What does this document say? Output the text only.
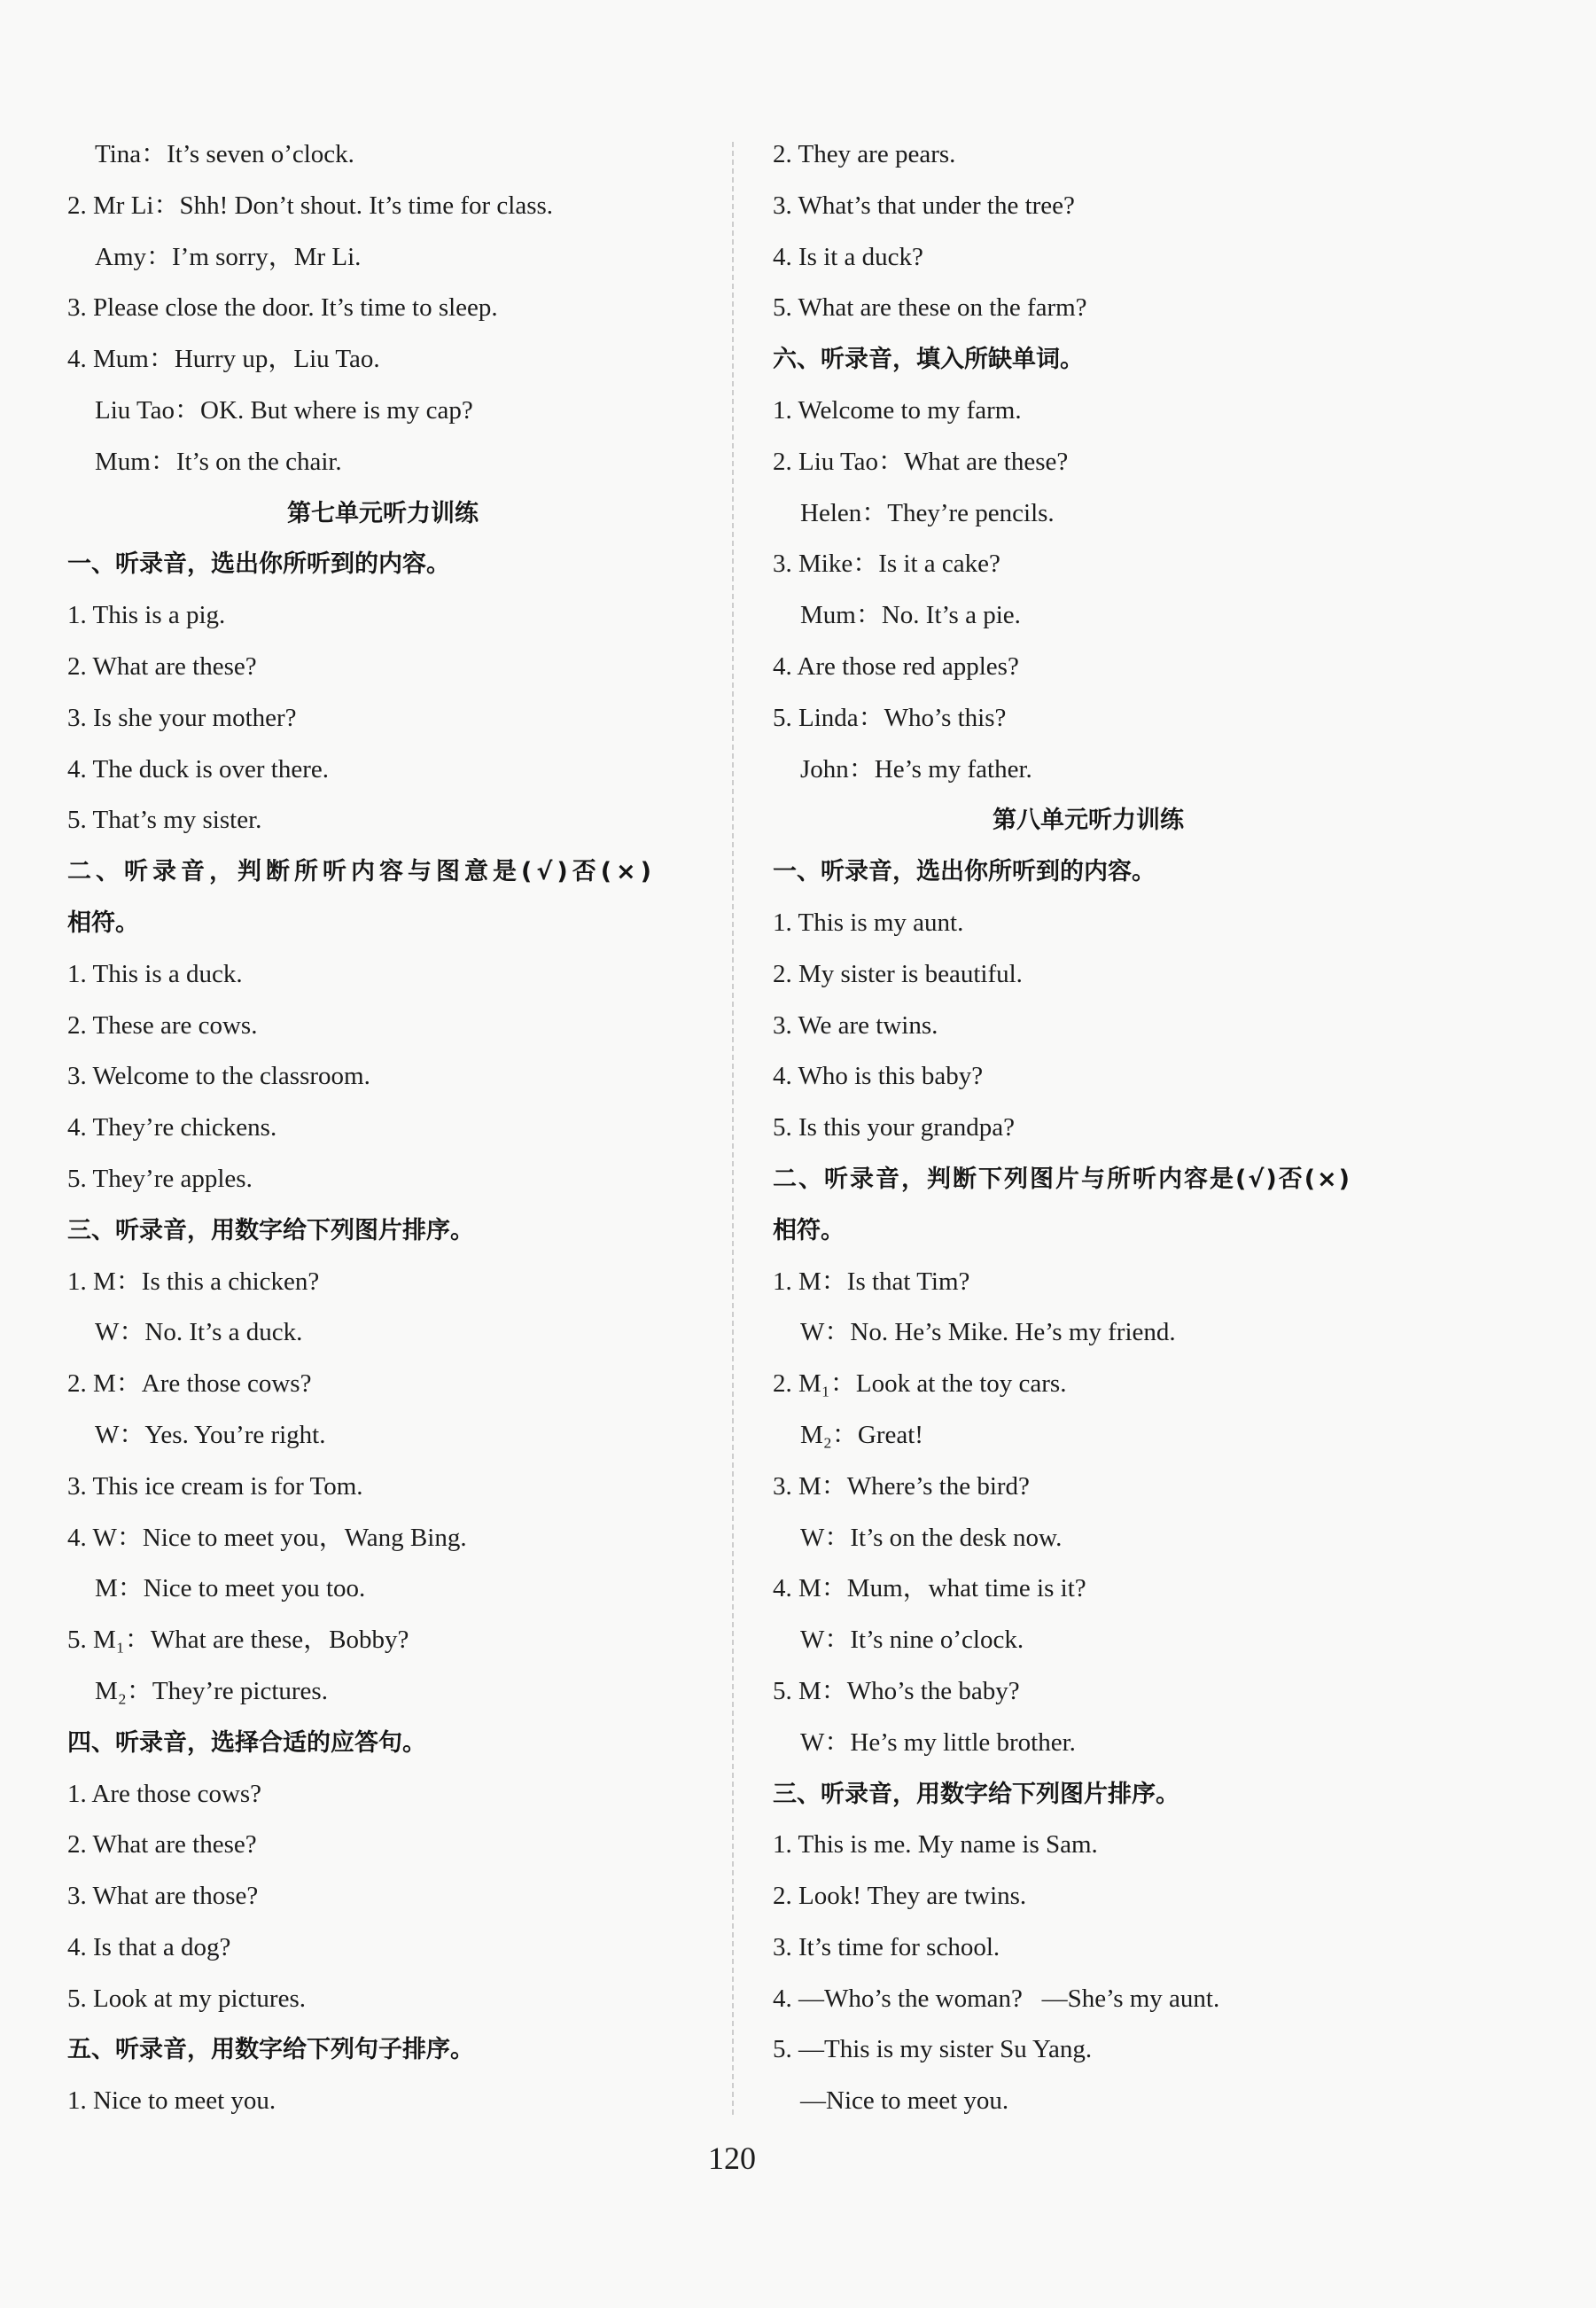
Tina：It’s seven o’clock.
2. Mr Li：Shh! Don’t shout. It’s time for class.
Amy：I’m sorry，Mr Li.
3. Please close the door. It’s time to sleep.
4. Mum：Hurry up，Liu Tao.
Liu Tao：OK. But where is my cap?
Mum：It’s on the chair.
第七单元听力训练
一、听录音，选出你所听到的内容。
1. This is a pig.
2. What are these?
3. Is she your mother?
4. The duck is over there.
5. That’s my sister.
二、听录音，判断所听内容与图意是(√)否(×)
相符。
1. This is a duck.
2. These are cows.
3. Welcome to the classroom.
4. They’re chickens.
5. They’re apples.
三、听录音，用数字给下列图片排序。
1. M：Is this a chicken?
W：No. It’s a duck.
2. M：Are those cows?
W：Yes. You’re right.
3. This ice cream is for Tom.
4. W：Nice to meet you，Wang Bing.
M：Nice to meet you too.
5. M₁：What are these，Bobby?
M₂：They’re pictures.
四、听录音，选择合适的应答句。
1. Are those cows?
2. What are these?
3. What are those?
4. Is that a dog?
5. Look at my pictures.
五、听录音，用数字给下列句子排序。
1. Nice to meet you.
2. They are pears.
3. What’s that under the tree?
4. Is it a duck?
5. What are these on the farm?
六、听录音，填入所缺单词。
1. Welcome to my farm.
2. Liu Tao：What are these?
Helen：They’re pencils.
3. Mike：Is it a cake?
Mum：No. It’s a pie.
4. Are those red apples?
5. Linda：Who’s this?
John：He’s my father.
第八单元听力训练
一、听录音，选出你所听到的内容。
1. This is my aunt.
2. My sister is beautiful.
3. We are twins.
4. Who is this baby?
5. Is this your grandpa?
二、听录音，判断下列图片与所听内容是(√)否(×)
相符。
1. M：Is that Tim?
W：No. He’s Mike. He’s my friend.
2. M₁：Look at the toy cars.
M₂：Great!
3. M：Where’s the bird?
W：It’s on the desk now.
4. M：Mum，what time is it?
W：It’s nine o’clock.
5. M：Who’s the baby?
W：He’s my little brother.
三、听录音，用数字给下列图片排序。
1. This is me. My name is Sam.
2. Look! They are twins.
3. It’s time for school.
4. —Who’s the woman?   —She’s my aunt.
5. —This is my sister Su Yang.
—Nice to meet you.
120
